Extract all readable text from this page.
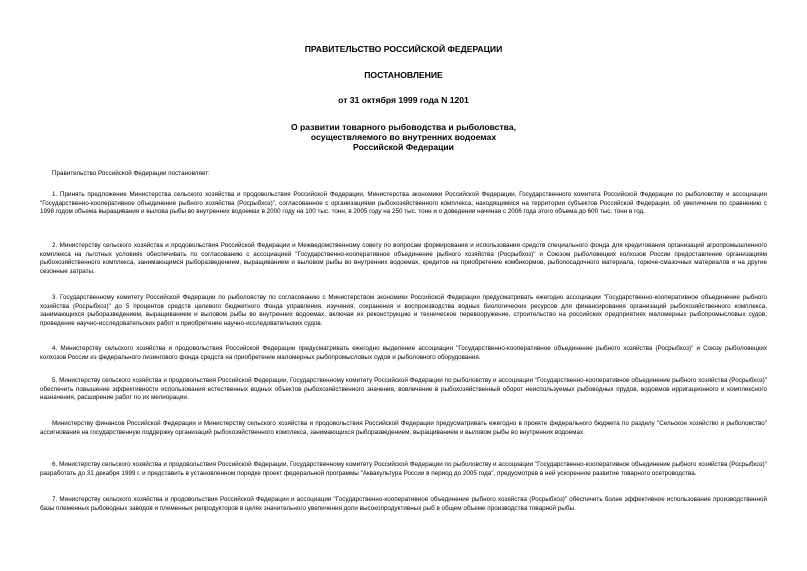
ПРАВИТЕЛЬСТВО РОССИЙСКОЙ ФЕДЕРАЦИИ
ПОСТАНОВЛЕНИЕ
от 31 октября 1999 года N 1201
О развитии товарного рыбоводства и рыболовства,
осуществляемого во внутренних водоемах
Российской Федерации

Правительство Российской Федерации постановляет:

1. Принять предложение Министерства сельского хозяйства и продовольствия Российской Федерации, Министерства экономики Российской Федерации, Государственного комитета Российской Федерации по рыболовству и ассоциации "Государственно-кооперативное объединение рыбного хозяйства (Росрыбхоз)", согласованное с организациями рыбохозяйственного комплекса, находящимися на территории субъектов Российской Федерации, об увеличении по сравнению с 1998 годом объема выращивания и вылова рыбы во внутренних водоемах в 2000 году на 100 тыс. тонн, в 2005 году на 250 тыс. тонн и о доведении начиная с 2006 года этого объема до 600 тыс. тонн в год.

2. Министерству сельского хозяйства и продовольствия Российской Федерации и Межведомственному совету по вопросам формирования и использования средств специального фонда для кредитования организаций агропромышленного комплекса на льготных условиях обеспечивать по согласованию с ассоциацией "Государственно-кооперативное объединение рыбного хозяйства (Росрыбхоз)" и Союзом рыболовецких колхозов России предоставление организациям рыбохозяйственного комплекса, занимающимся рыборазведением, выращиванием и выловом рыбы во внутренних водоемах, кредитов на приобретение комбикормов, рыбопосадочного материала, горюче-смазочных материалов и на другие сезонные затраты.

3. Государственному комитету Российской Федерации по рыболовству по согласованию с Министерством экономики Российской Федерации предусматривать ежегодно ассоциации "Государственно-кооперативное объединение рыбного хозяйства (Росрыбхоз)" до 5 процентов средств целевого бюджетного Фонда управления, изучения, сохранения и воспроизводства водных биологических ресурсов для финансирования организаций рыбохозяйственного комплекса, занимающихся рыборазведением, выращиванием и выловом рыбы во внутренних водоемах, включая их реконструкцию и техническое перевооружение, строительство на российских предприятиях маломерных рыбопромысловых судов, проведение научно-исследовательских работ и приобретение научно-исследовательских судов.

4. Министерству сельского хозяйства и продовольствия Российской Федерации предусматривать ежегодно выделение ассоциации "Государственно-кооперативное объединение рыбного хозяйства (Росрыбхоз)" и Союзу рыболовецких колхозов России из федерального лизингового фонда средств на приобретение маломерных рыбопромысловых судов и рыболовного оборудования.

5. Министерству сельского хозяйства и продовольствия Российской Федерации, Государственному комитету Российской Федерации по рыболовству и ассоциации "Государственно-кооперативное объединение рыбного хозяйства (Росрыбхоз)" обеспечить повышение эффективности использования естественных водных объектов рыбохозяйственного значения, вовлечение в рыбохозяйственный оборот неиспользуемых рыбоводных прудов, водоемов ирригационного и комплексного назначения, расширение работ по их мелиорации.

Министерству финансов Российской Федерации и Министерству сельского хозяйства и продовольствия Российской Федерации предусматривать ежегодно в проекте федерального бюджета по разделу "Сельское хозяйство и рыболовство" ассигнования на государственную поддержку организаций рыбохозяйственного комплекса, занимающихся рыборазведением, выращиванием и выловом рыбы во внутренних водоемах.

6. Министерству сельского хозяйства и продовольствия Российской Федерации, Государственному комитету Российской Федерации по рыболовству и ассоциации "Государственно-кооперативное объединение рыбного хозяйства (Росрыбхоз)" разработать до 31 декабря 1999 г. и представить в установленном порядке проект федеральной программы "Аквакультура России в период до 2005 года", предусмотрев в ней ускоренное развитие товарного осетроводства.

7. Министерству сельского хозяйства и продовольствия Российской Федерации и ассоциации "Государственно-кооперативное объединение рыбного хозяйства (Росрыбхоз)" обеспечить более эффективное использование производственной базы племенных рыбоводных заводов и племенных репродукторов в целях значительного увеличения доли высокопродуктивных рыб в общем объеме производства товарной рыбы.
